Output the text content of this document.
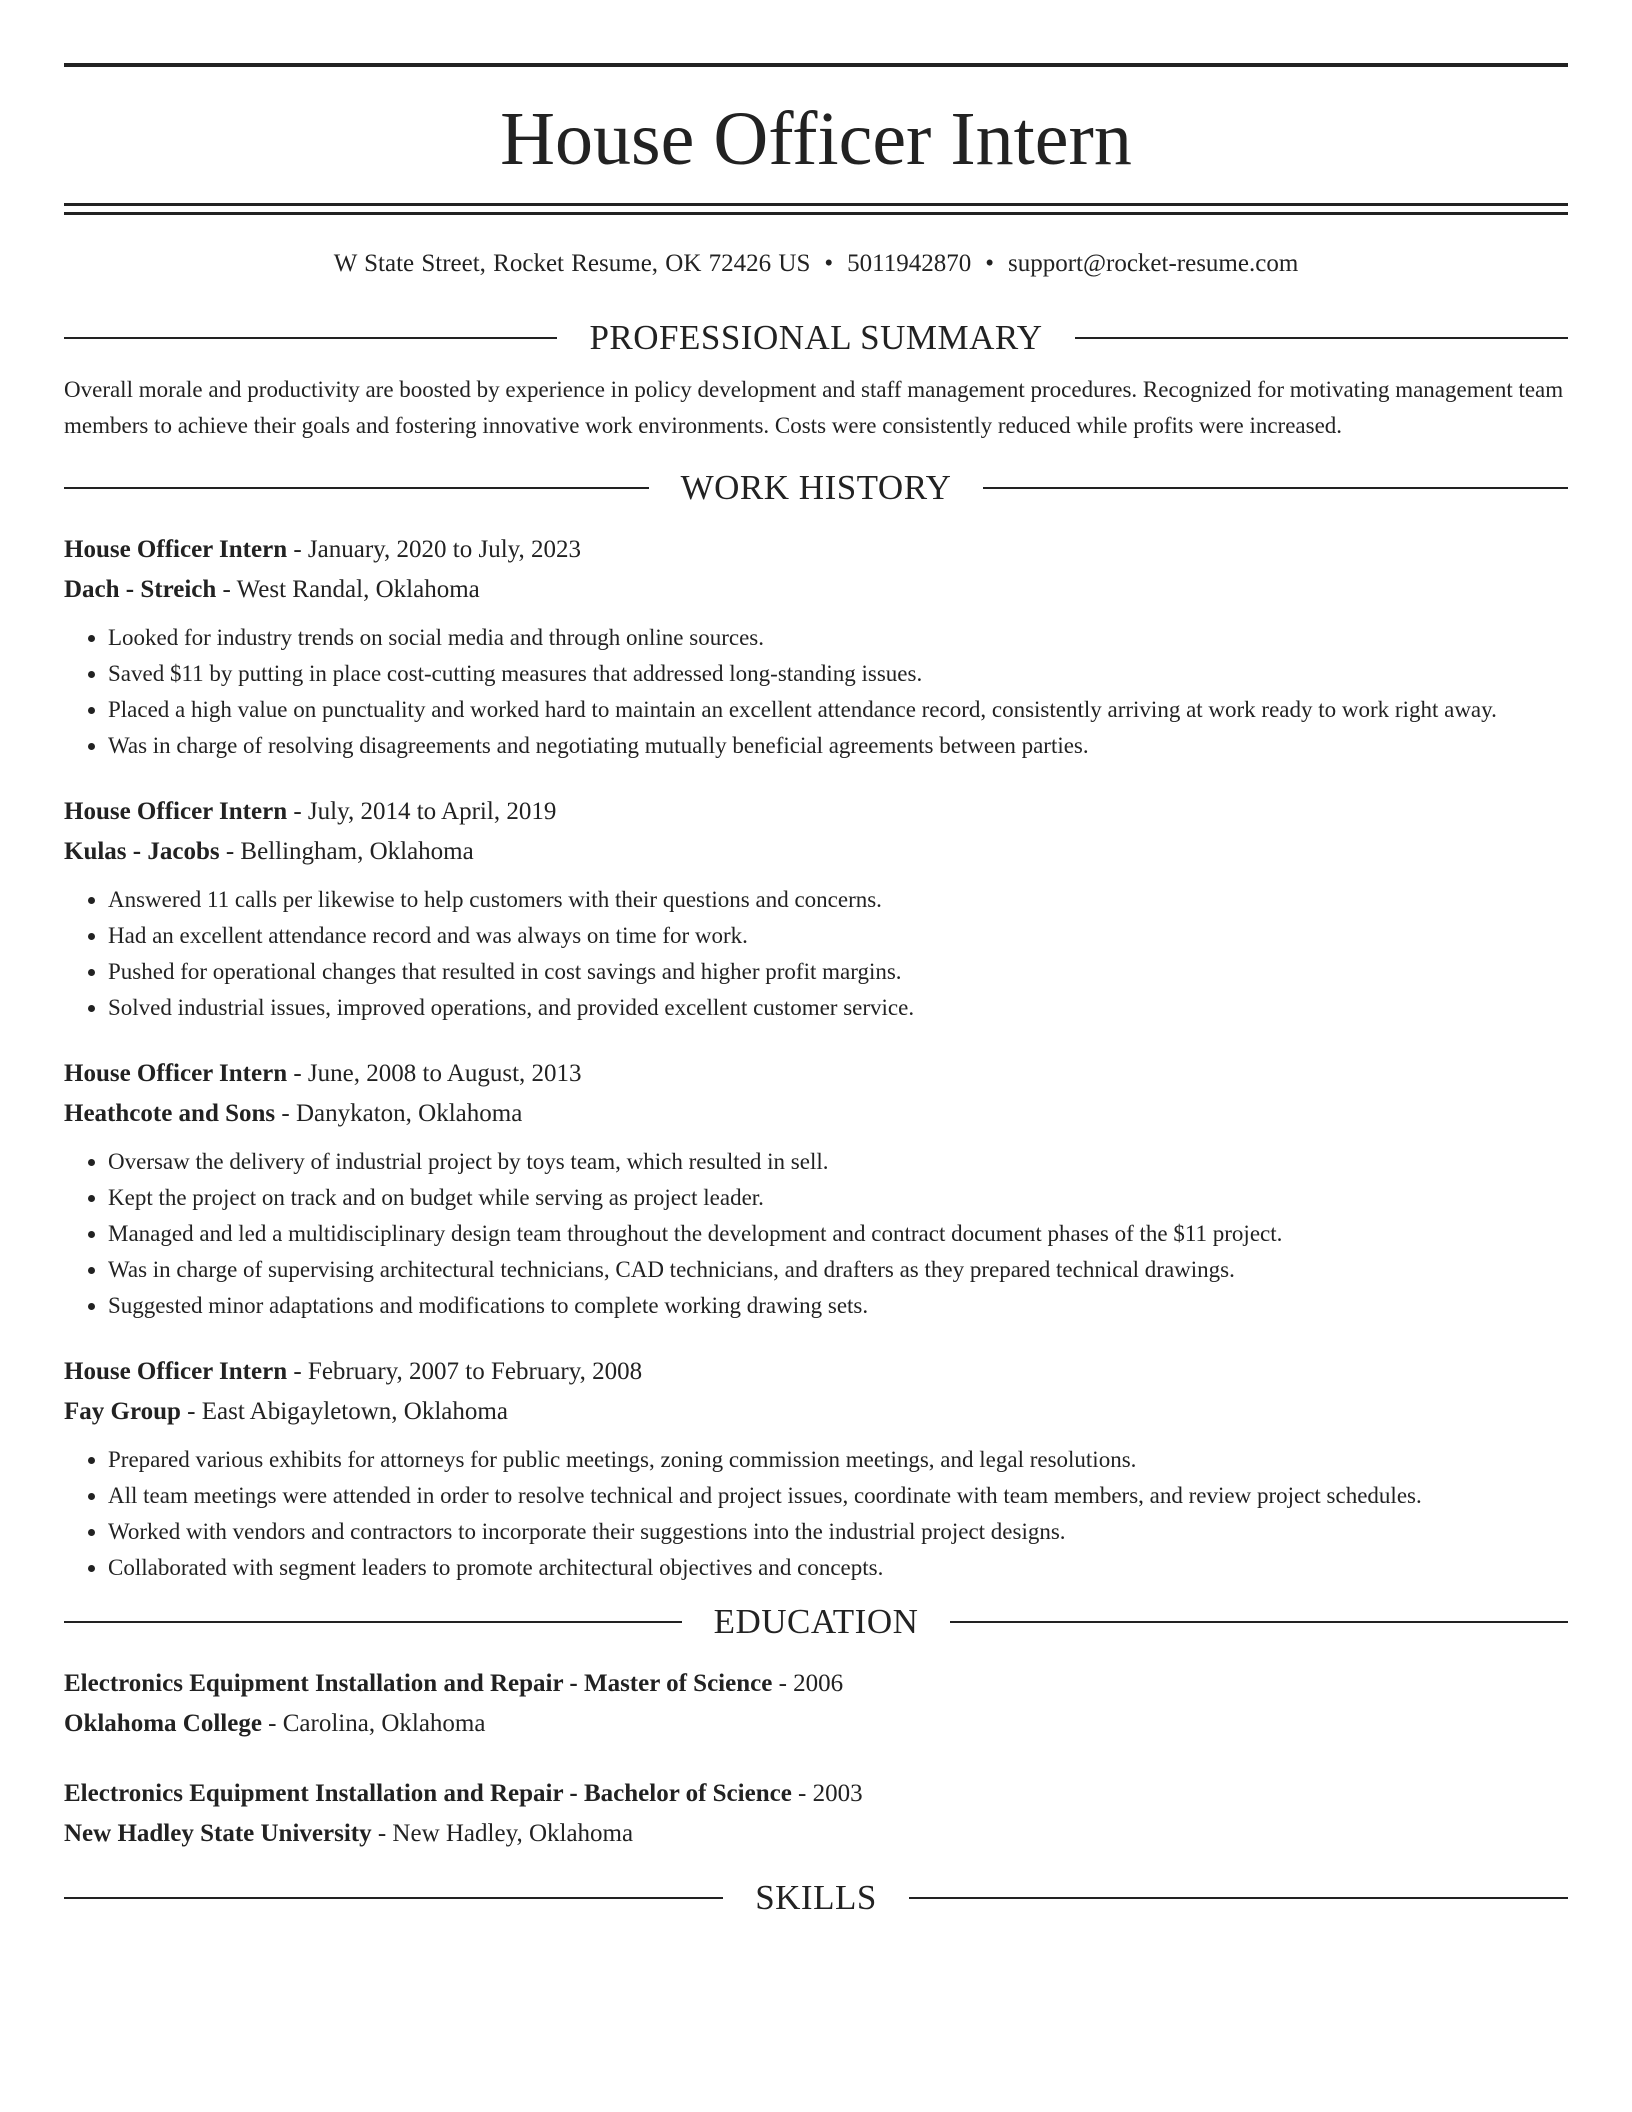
House Officer Intern
W State Street, Rocket Resume, OK 72426 US • 5011942870 • support@rocket-resume.com
PROFESSIONAL SUMMARY
Overall morale and productivity are boosted by experience in policy development and staff management procedures. Recognized for motivating management team members to achieve their goals and fostering innovative work environments. Costs were consistently reduced while profits were increased.
WORK HISTORY
House Officer Intern - January, 2020 to July, 2023
Dach - Streich - West Randal, Oklahoma
• Looked for industry trends on social media and through online sources.
• Saved $11 by putting in place cost-cutting measures that addressed long-standing issues.
• Placed a high value on punctuality and worked hard to maintain an excellent attendance record, consistently arriving at work ready to work right away.
• Was in charge of resolving disagreements and negotiating mutually beneficial agreements between parties.
House Officer Intern - July, 2014 to April, 2019
Kulas - Jacobs - Bellingham, Oklahoma
• Answered 11 calls per likewise to help customers with their questions and concerns.
• Had an excellent attendance record and was always on time for work.
• Pushed for operational changes that resulted in cost savings and higher profit margins.
• Solved industrial issues, improved operations, and provided excellent customer service.
House Officer Intern - June, 2008 to August, 2013
Heathcote and Sons - Danykaton, Oklahoma
• Oversaw the delivery of industrial project by toys team, which resulted in sell.
• Kept the project on track and on budget while serving as project leader.
• Managed and led a multidisciplinary design team throughout the development and contract document phases of the $11 project.
• Was in charge of supervising architectural technicians, CAD technicians, and drafters as they prepared technical drawings.
• Suggested minor adaptations and modifications to complete working drawing sets.
House Officer Intern - February, 2007 to February, 2008
Fay Group - East Abigayletown, Oklahoma
• Prepared various exhibits for attorneys for public meetings, zoning commission meetings, and legal resolutions.
• All team meetings were attended in order to resolve technical and project issues, coordinate with team members, and review project schedules.
• Worked with vendors and contractors to incorporate their suggestions into the industrial project designs.
• Collaborated with segment leaders to promote architectural objectives and concepts.
EDUCATION
Electronics Equipment Installation and Repair - Master of Science - 2006
Oklahoma College - Carolina, Oklahoma
Electronics Equipment Installation and Repair - Bachelor of Science - 2003
New Hadley State University - New Hadley, Oklahoma
SKILLS
